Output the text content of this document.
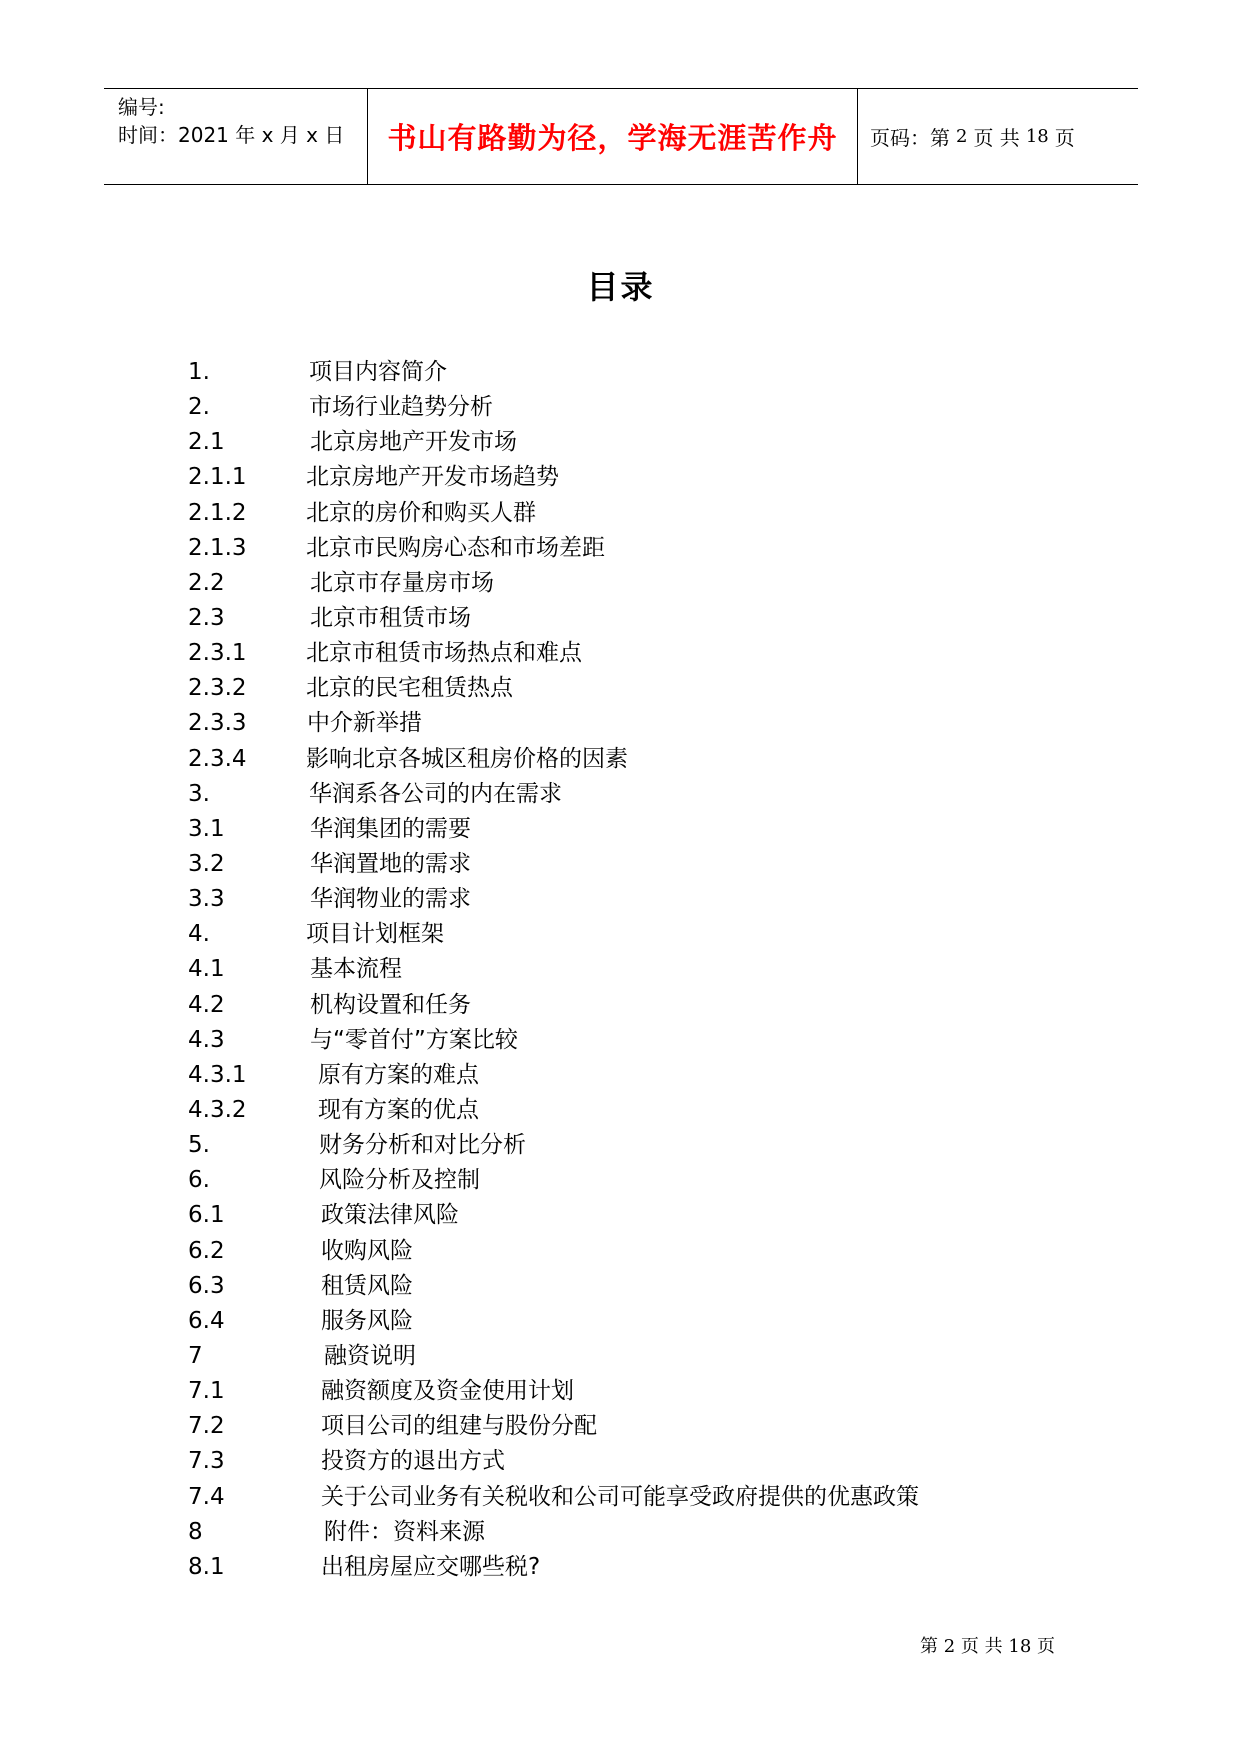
编号:
时间：2021 年 x 月 x 日	书山有路勤为径，学海无涯苦作舟	页码：第 2 页 共 18 页
目录
1.	项目内容简介
2.	市场行业趋势分析
2.1	北京房地产开发市场
2.1.1	北京房地产开发市场趋势
2.1.2	北京的房价和购买人群
2.1.3	北京市民购房心态和市场差距
2.2	北京市存量房市场
2.3	北京市租赁市场
2.3.1	北京市租赁市场热点和难点
2.3.2	北京的民宅租赁热点
2.3.3	中介新举措
2.3.4	影响北京各城区租房价格的因素
3.	华润系各公司的内在需求
3.1	华润集团的需要
3.2	华润置地的需求
3.3	华润物业的需求
4.	项目计划框架
4.1	基本流程
4.2	机构设置和任务
4.3	与“零首付”方案比较
4.3.1	原有方案的难点
4.3.2	现有方案的优点
5.	财务分析和对比分析
6.	风险分析及控制
6.1	政策法律风险
6.2	收购风险
6.3	租赁风险
6.4	服务风险
7	融资说明
7.1	融资额度及资金使用计划
7.2	项目公司的组建与股份分配
7.3	投资方的退出方式
7.4	关于公司业务有关税收和公司可能享受政府提供的优惠政策
8	附件：资料来源
8.1	出租房屋应交哪些税?
第 2 页 共 18 页
